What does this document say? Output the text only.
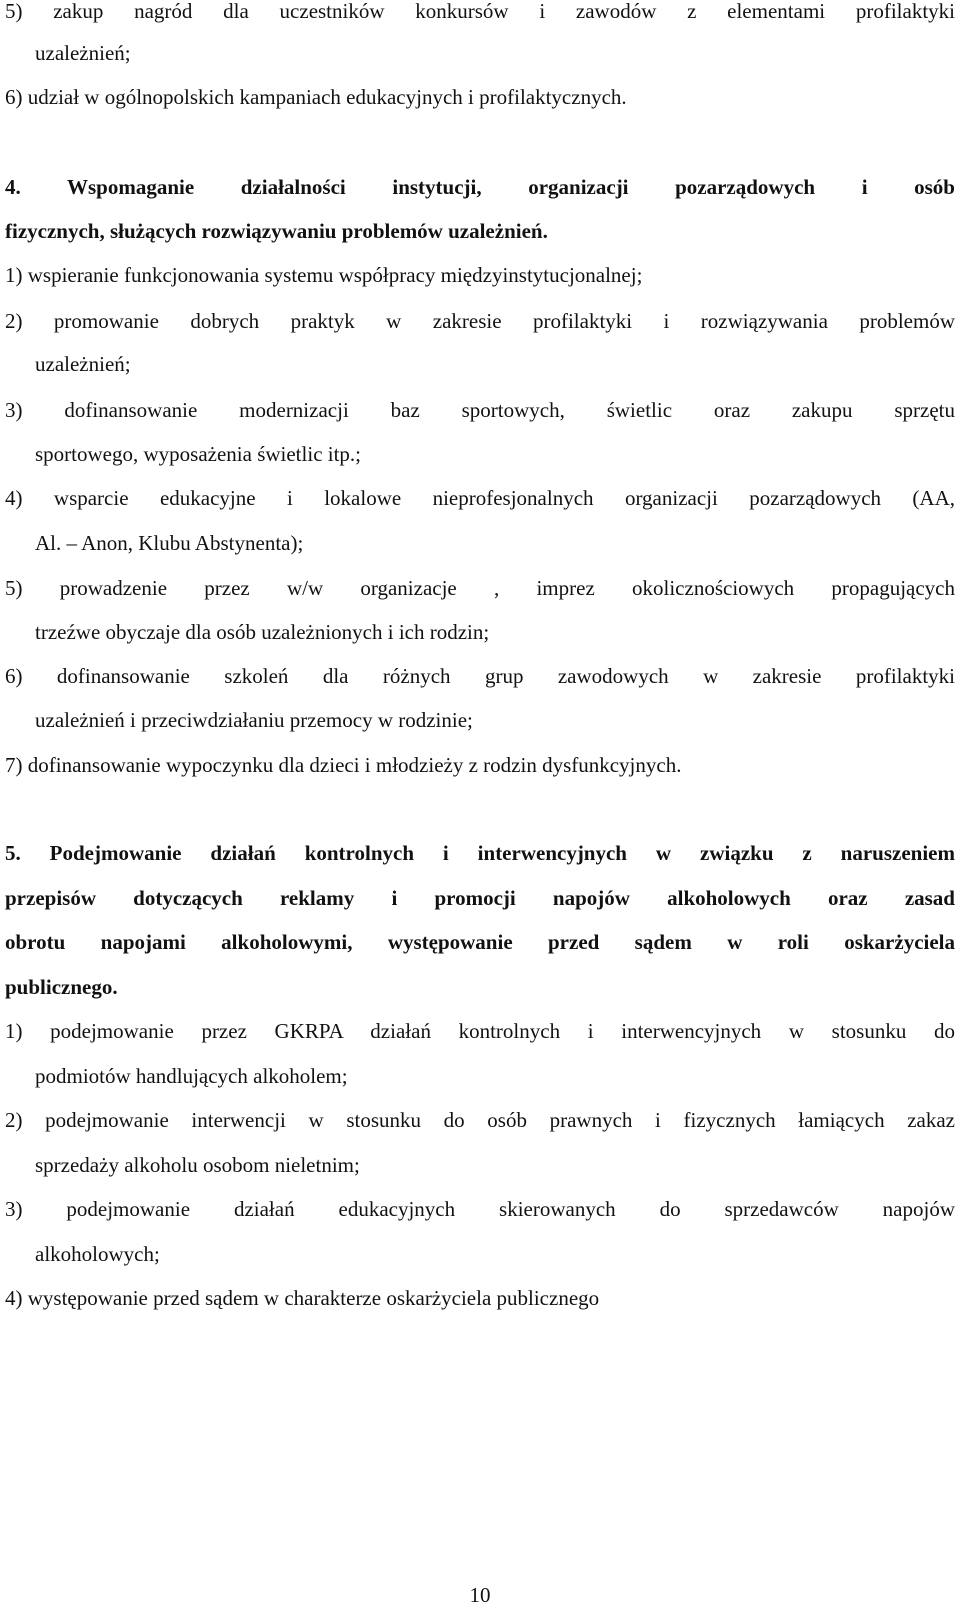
5) zakup nagród dla uczestników konkursów i zawodów z elementami profilaktyki
uzależnień;
6) udział w ogólnopolskich kampaniach edukacyjnych i profilaktycznych.
4. Wspomaganie działalności instytucji, organizacji pozarządowych i osób
fizycznych, służących rozwiązywaniu problemów uzależnień.
1) wspieranie funkcjonowania systemu współpracy międzyinstytucjonalnej;
2) promowanie dobrych praktyk w zakresie profilaktyki i rozwiązywania problemów
uzależnień;
3) dofinansowanie modernizacji baz sportowych, świetlic oraz zakupu sprzętu
sportowego, wyposażenia świetlic itp.;
4) wsparcie edukacyjne i lokalowe nieprofesjonalnych organizacji pozarządowych (AA,
Al. – Anon, Klubu Abstynenta);
5) prowadzenie przez w/w organizacje , imprez okolicznościowych propagujących
trzeźwe obyczaje dla osób uzależnionych i ich rodzin;
6) dofinansowanie szkoleń dla różnych grup zawodowych w zakresie profilaktyki
uzależnień i przeciwdziałaniu przemocy w rodzinie;
7) dofinansowanie wypoczynku dla dzieci i młodzieży z rodzin dysfunkcyjnych.
5. Podejmowanie działań kontrolnych i interwencyjnych w związku z naruszeniem
przepisów dotyczących reklamy i promocji napojów alkoholowych oraz zasad
obrotu napojami alkoholowymi, występowanie przed sądem w roli oskarżyciela
publicznego.
1) podejmowanie przez GKRPA działań kontrolnych i interwencyjnych w stosunku do
podmiotów handlujących alkoholem;
2) podejmowanie interwencji w stosunku do osób prawnych i fizycznych łamiących zakaz
sprzedaży alkoholu osobom nieletnim;
3) podejmowanie działań edukacyjnych skierowanych do sprzedawców napojów
alkoholowych;
4) występowanie przed sądem w charakterze oskarżyciela publicznego
10
